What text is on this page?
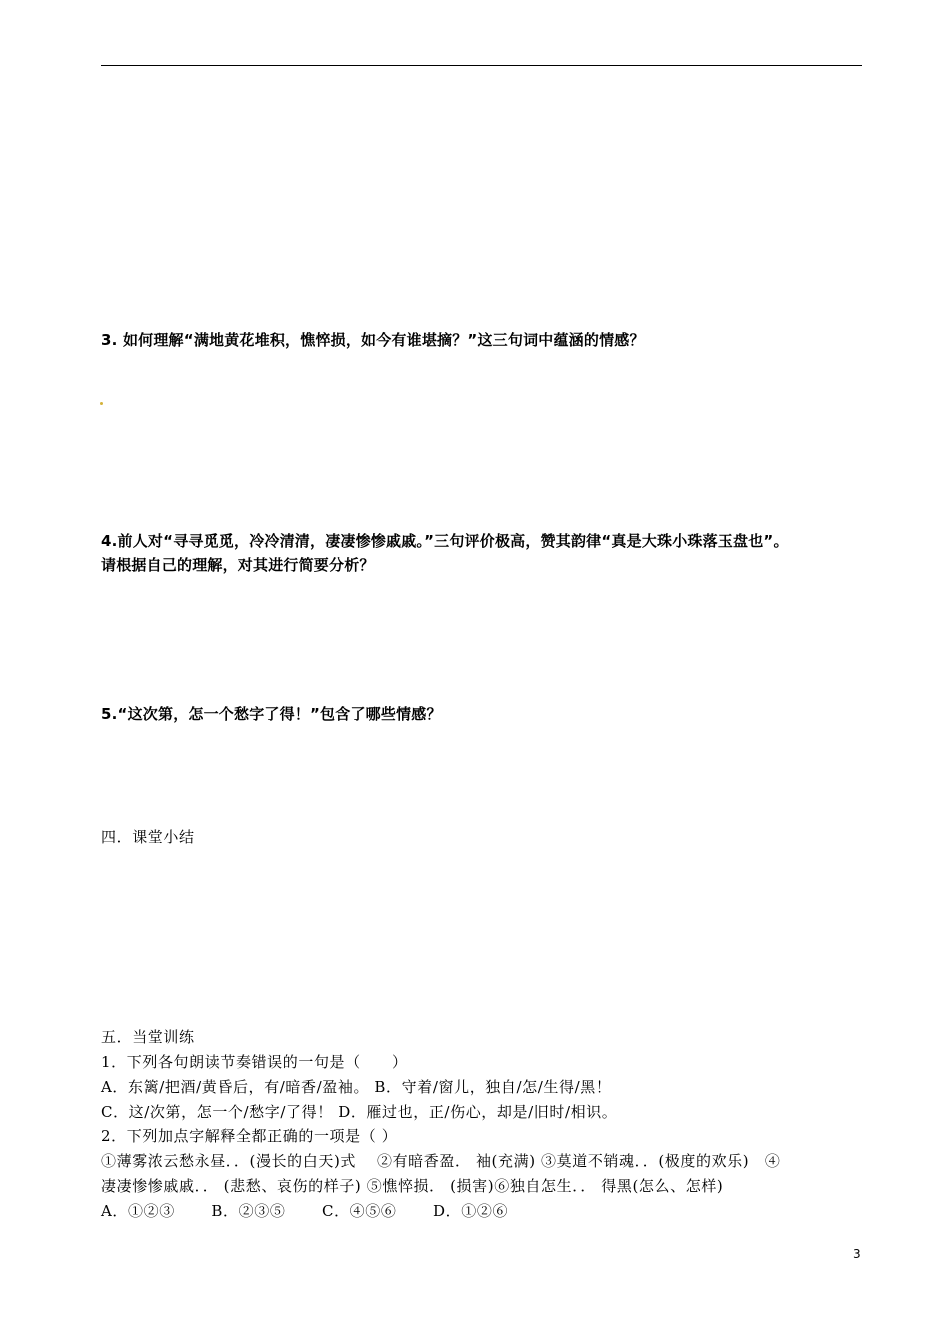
3. 如何理解“满地黄花堆积，憔悴损，如今有谁堪摘？”这三句词中蕴涵的情感？
4.前人对“寻寻觅觅，冷冷清清，凄凄惨惨戚戚。”三句评价极高，赞其韵律“真是大珠小珠落玉盘也”。
请根据自己的理解，对其进行简要分析？
5.“这次第，怎一个愁字了得！”包含了哪些情感？
四．课堂小结
五．当堂训练
1．下列各句朗读节奏错误的一句是（　　）
A．东篱/把酒/黄昏后，有/暗香/盈袖。 B．守着/窗儿，独自/怎/生得/黑！
C．这/次第，怎一个/愁字/了得！ D．雁过也，正/伤心，却是/旧时/相识。
2．下列加点字解释全都正确的一项是（ ）
①薄雾浓云愁永昼．．(漫长的白天)式　 ②有暗香盈． 袖(充满) ③莫道不销魂．．(极度的欢乐)　④
凄凄惨惨戚戚．． (悲愁、哀伤的样子) ⑤憔悴损． (损害)⑥独自怎生．． 得黑(怎么、怎样)
A．①②③　　 B．②③⑤　　 C．④⑤⑥　　 D．①②⑥
3
